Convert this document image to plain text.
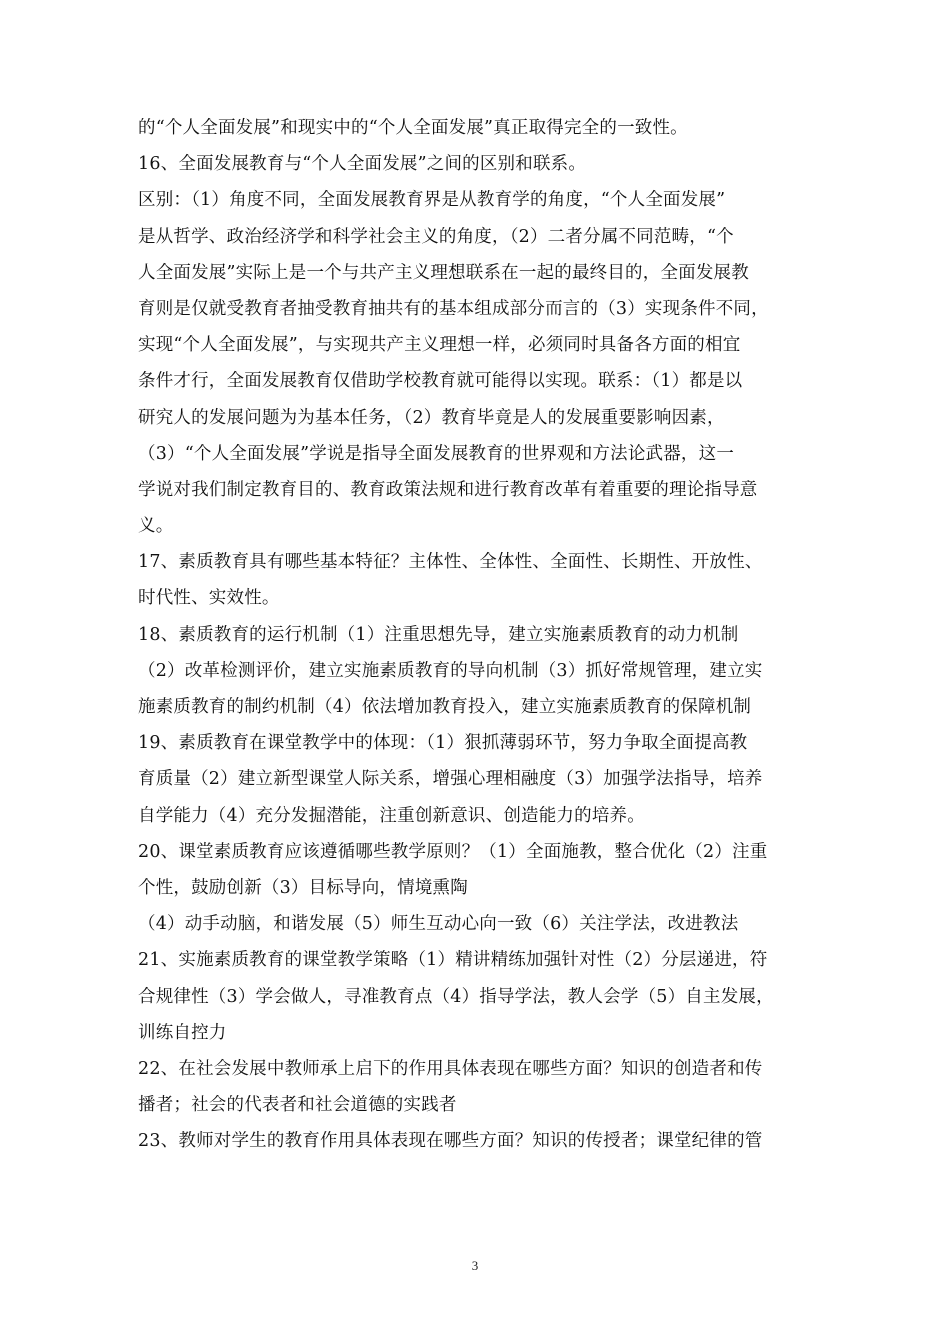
的“个人全面发展”和现实中的“个人全面发展”真正取得完全的一致性。
16、全面发展教育与“个人全面发展”之间的区别和联系。
区别：（1）角度不同，全面发展教育界是从教育学的角度，“个人全面发展”
是从哲学、政治经济学和科学社会主义的角度，（2）二者分属不同范畴，“个
人全面发展”实际上是一个与共产主义理想联系在一起的最终目的，全面发展教
育则是仅就受教育者抽受教育抽共有的基本组成部分而言的（3）实现条件不同，
实现“个人全面发展”，与实现共产主义理想一样，必须同时具备各方面的相宜
条件才行，全面发展教育仅借助学校教育就可能得以实现。联系：（1）都是以
研究人的发展问题为为基本任务，（2）教育毕竟是人的发展重要影响因素，
（3）“个人全面发展”学说是指导全面发展教育的世界观和方法论武器，这一
学说对我们制定教育目的、教育政策法规和进行教育改革有着重要的理论指导意
义。
17、素质教育具有哪些基本特征？主体性、全体性、全面性、长期性、开放性、
时代性、实效性。
18、素质教育的运行机制（1）注重思想先导，建立实施素质教育的动力机制
（2）改革检测评价，建立实施素质教育的导向机制（3）抓好常规管理，建立实
施素质教育的制约机制（4）依法增加教育投入，建立实施素质教育的保障机制
19、素质教育在课堂教学中的体现：（1）狠抓薄弱环节，努力争取全面提高教
育质量（2）建立新型课堂人际关系，增强心理相融度（3）加强学法指导，培养
自学能力（4）充分发掘潜能，注重创新意识、创造能力的培养。
20、课堂素质教育应该遵循哪些教学原则？（1）全面施教，整合优化（2）注重
个性，鼓励创新（3）目标导向，情境熏陶
（4）动手动脑，和谐发展（5）师生互动心向一致（6）关注学法，改进教法
21、实施素质教育的课堂教学策略（1）精讲精练加强针对性（2）分层递进，符
合规律性（3）学会做人，寻准教育点（4）指导学法，教人会学（5）自主发展，
训练自控力
22、在社会发展中教师承上启下的作用具体表现在哪些方面？知识的创造者和传
播者；社会的代表者和社会道德的实践者
23、教师对学生的教育作用具体表现在哪些方面？知识的传授者；课堂纪律的管
3
